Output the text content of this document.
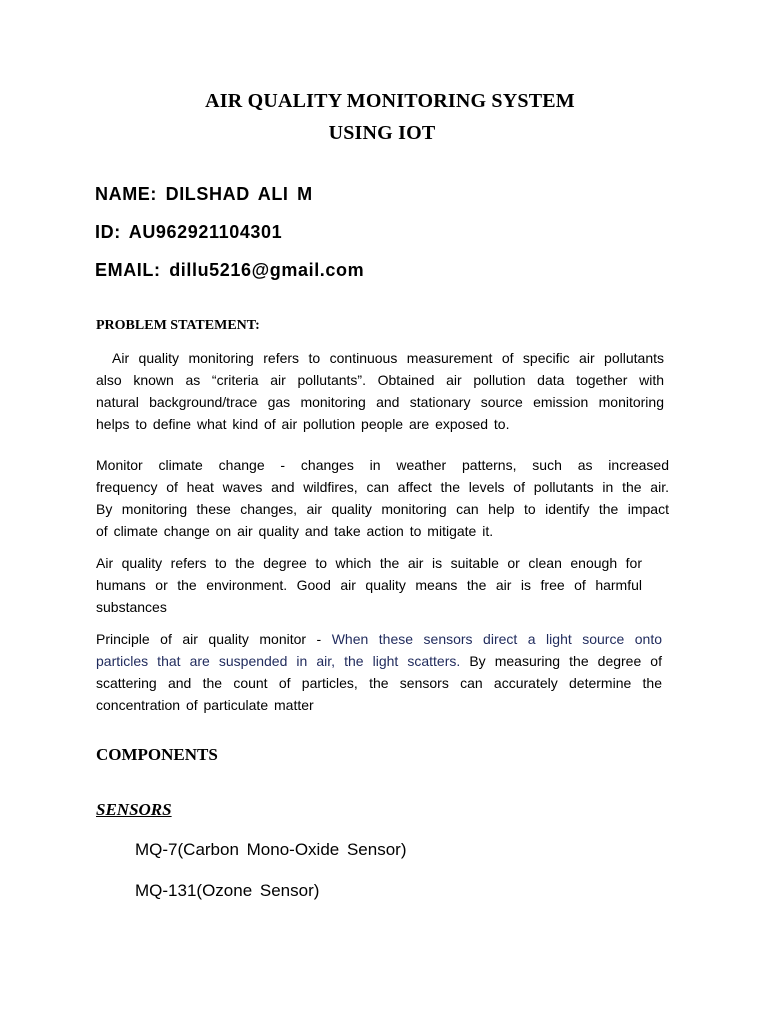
AIR QUALITY MONITORING SYSTEM
USING IOT
NAME: DILSHAD ALI M
ID: AU962921104301
EMAIL: dillu5216@gmail.com
PROBLEM STATEMENT:
Air quality monitoring refers to continuous measurement of specific air pollutants
also known as “criteria air pollutants”. Obtained air pollution data together with
natural background/trace gas monitoring and stationary source emission monitoring
helps to define what kind of air pollution people are exposed to.
Monitor climate change - changes in weather patterns, such as increased
frequency of heat waves and wildfires, can affect the levels of pollutants in the air.
By monitoring these changes, air quality monitoring can help to identify the impact
of climate change on air quality and take action to mitigate it.
Air quality refers to the degree to which the air is suitable or clean enough for
humans or the environment. Good air quality means the air is free of harmful
substances
Principle of air quality monitor - When these sensors direct a light source onto
particles that are suspended in air, the light scatters. By measuring the degree of
scattering and the count of particles, the sensors can accurately determine the
concentration of particulate matter
COMPONENTS
SENSORS
MQ-7(Carbon Mono-Oxide Sensor)
MQ-131(Ozone Sensor)
